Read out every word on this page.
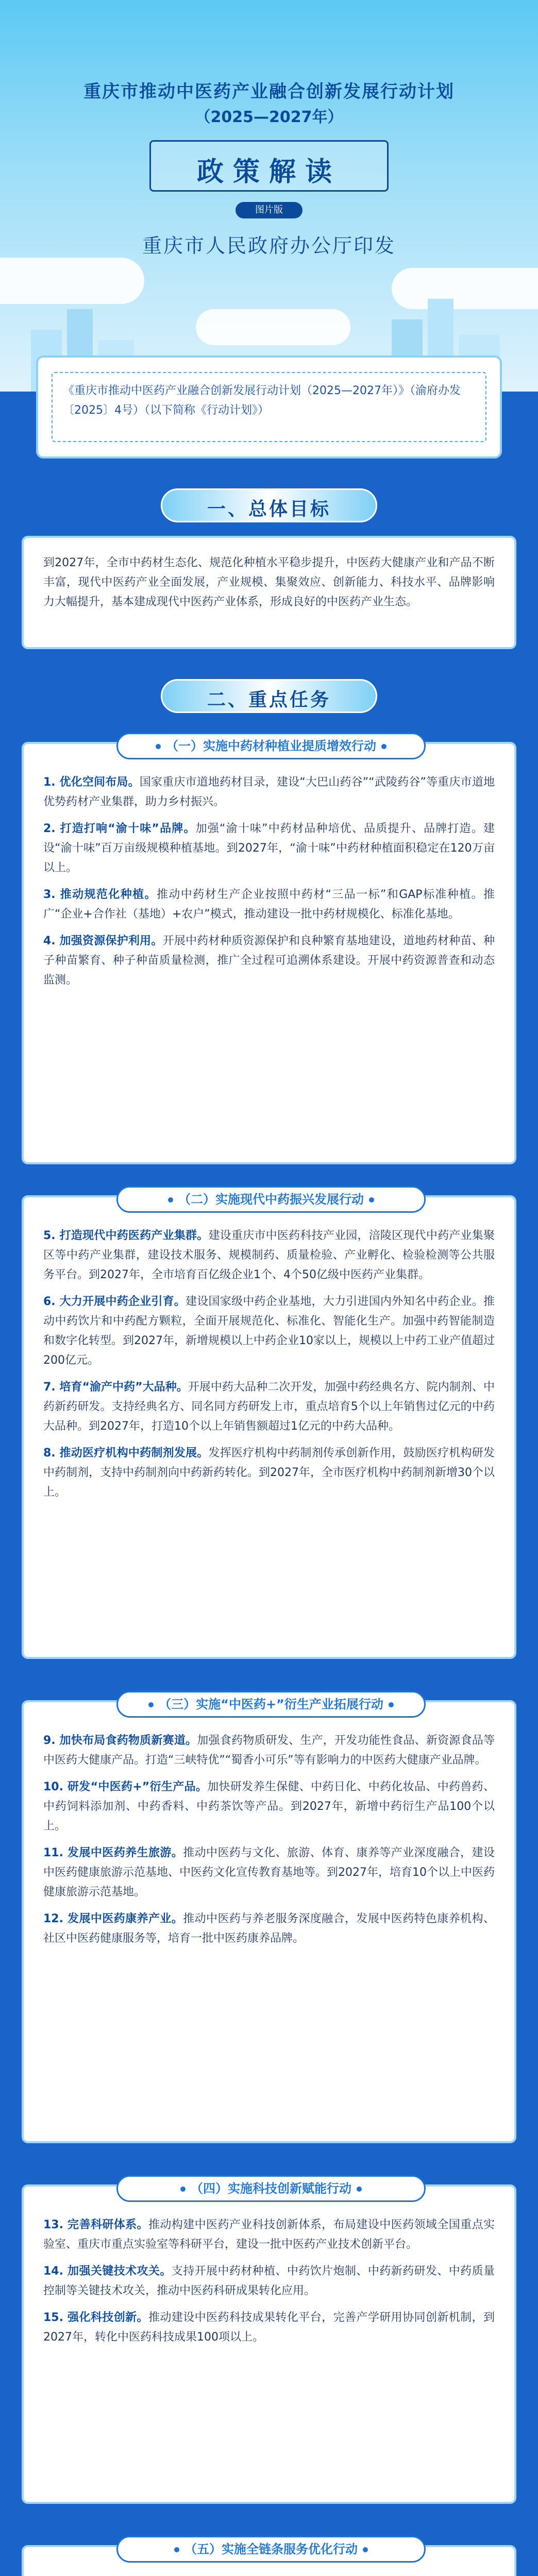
重庆市推动中医药产业融合创新发展行动计划
（2025—2027年）
政策解读
图片版
重庆市人民政府办公厅印发
《重庆市推动中医药产业融合创新发展行动计划（2025—2027年）》（渝府办发〔2025〕4号）（以下简称《行动计划》）
一、总体目标
到2027年，全市中药材生态化、规范化种植水平稳步提升，中医药大健康产业和产品不断丰富，现代中医药产业全面发展，产业规模、集聚效应、创新能力、科技水平、品牌影响力大幅提升，基本建成现代中医药产业体系，形成良好的中医药产业生态。
二、重点任务
（一）实施中药材种植业提质增效行动
1. 优化空间布局。国家重庆市道地药材目录，建设“大巴山药谷”“武陵药谷”等重庆市道地优势药材产业集群，助力乡村振兴。
2. 打造打响“渝十味”品牌。加强“渝十味”中药材品种培优、品质提升、品牌打造。建设“渝十味”百万亩级规模种植基地。到2027年，“渝十味”中药材种植面积稳定在120万亩以上。
3. 推动规范化种植。推动中药材生产企业按照中药材“三品一标”和GAP标准种植。推广“企业+合作社（基地）+农户”模式，推动建设一批中药材规模化、标准化基地。
4. 加强资源保护利用。开展中药材种质资源保护和良种繁育基地建设，道地药材种苗、种子种苗繁育、种子种苗质量检测，推广全过程可追溯体系建设。开展中药资源普查和动态监测。
（二）实施现代中药振兴发展行动
5. 打造现代中药医药产业集群。建设重庆市中医药科技产业园，涪陵区现代中药产业集聚区等中药产业集群，建设技术服务、规模制药、质量检验、产业孵化、检验检测等公共服务平台。到2027年，全市培育百亿级企业1个、4个50亿级中医药产业集群。
6. 大力开展中药企业引育。建设国家级中药企业基地，大力引进国内外知名中药企业。推动中药饮片和中药配方颗粒，全面开展规范化、标准化、智能化生产。加强中药智能制造和数字化转型。到2027年，新增规模以上中药企业10家以上，规模以上中药工业产值超过200亿元。
7. 培育“渝产中药”大品种。开展中药大品种二次开发，加强中药经典名方、院内制剂、中药新药研发。支持经典名方、同名同方药研发上市，重点培育5个以上年销售过亿元的中药大品种。到2027年，打造10个以上年销售额超过1亿元的中药大品种。
8. 推动医疗机构中药制剂发展。发挥医疗机构中药制剂传承创新作用，鼓励医疗机构研发中药制剂，支持中药制剂向中药新药转化。到2027年，全市医疗机构中药制剂新增30个以上。
（三）实施“中医药+”衍生产业拓展行动
9. 加快布局食药物质新赛道。加强食药物质研发、生产，开发功能性食品、新资源食品等中医药大健康产品。打造“三峡特优”“蜀香小可乐”等有影响力的中医药大健康产业品牌。
10. 研发“中医药+”衍生产品。加快研发养生保健、中药日化、中药化妆品、中药兽药、中药饲料添加剂、中药香料、中药茶饮等产品。到2027年，新增中药衍生产品100个以上。
11. 发展中医药养生旅游。推动中医药与文化、旅游、体育、康养等产业深度融合，建设中医药健康旅游示范基地、中医药文化宣传教育基地等。到2027年，培育10个以上中医药健康旅游示范基地。
12. 发展中医药康养产业。推动中医药与养老服务深度融合，发展中医药特色康养机构、社区中医药健康服务等，培育一批中医药康养品牌。
（四）实施科技创新赋能行动
13. 完善科研体系。推动构建中医药产业科技创新体系，布局建设中医药领域全国重点实验室、重庆市重点实验室等科研平台，建设一批中医药产业技术创新平台。
14. 加强关键技术攻关。支持开展中药材种植、中药饮片炮制、中药新药研发、中药质量控制等关键技术攻关，推动中医药科研成果转化应用。
15. 强化科技创新。推动建设中医药科技成果转化平台，完善产学研用协同创新机制，到2027年，转化中医药科技成果100项以上。
（五）实施全链条服务优化行动
